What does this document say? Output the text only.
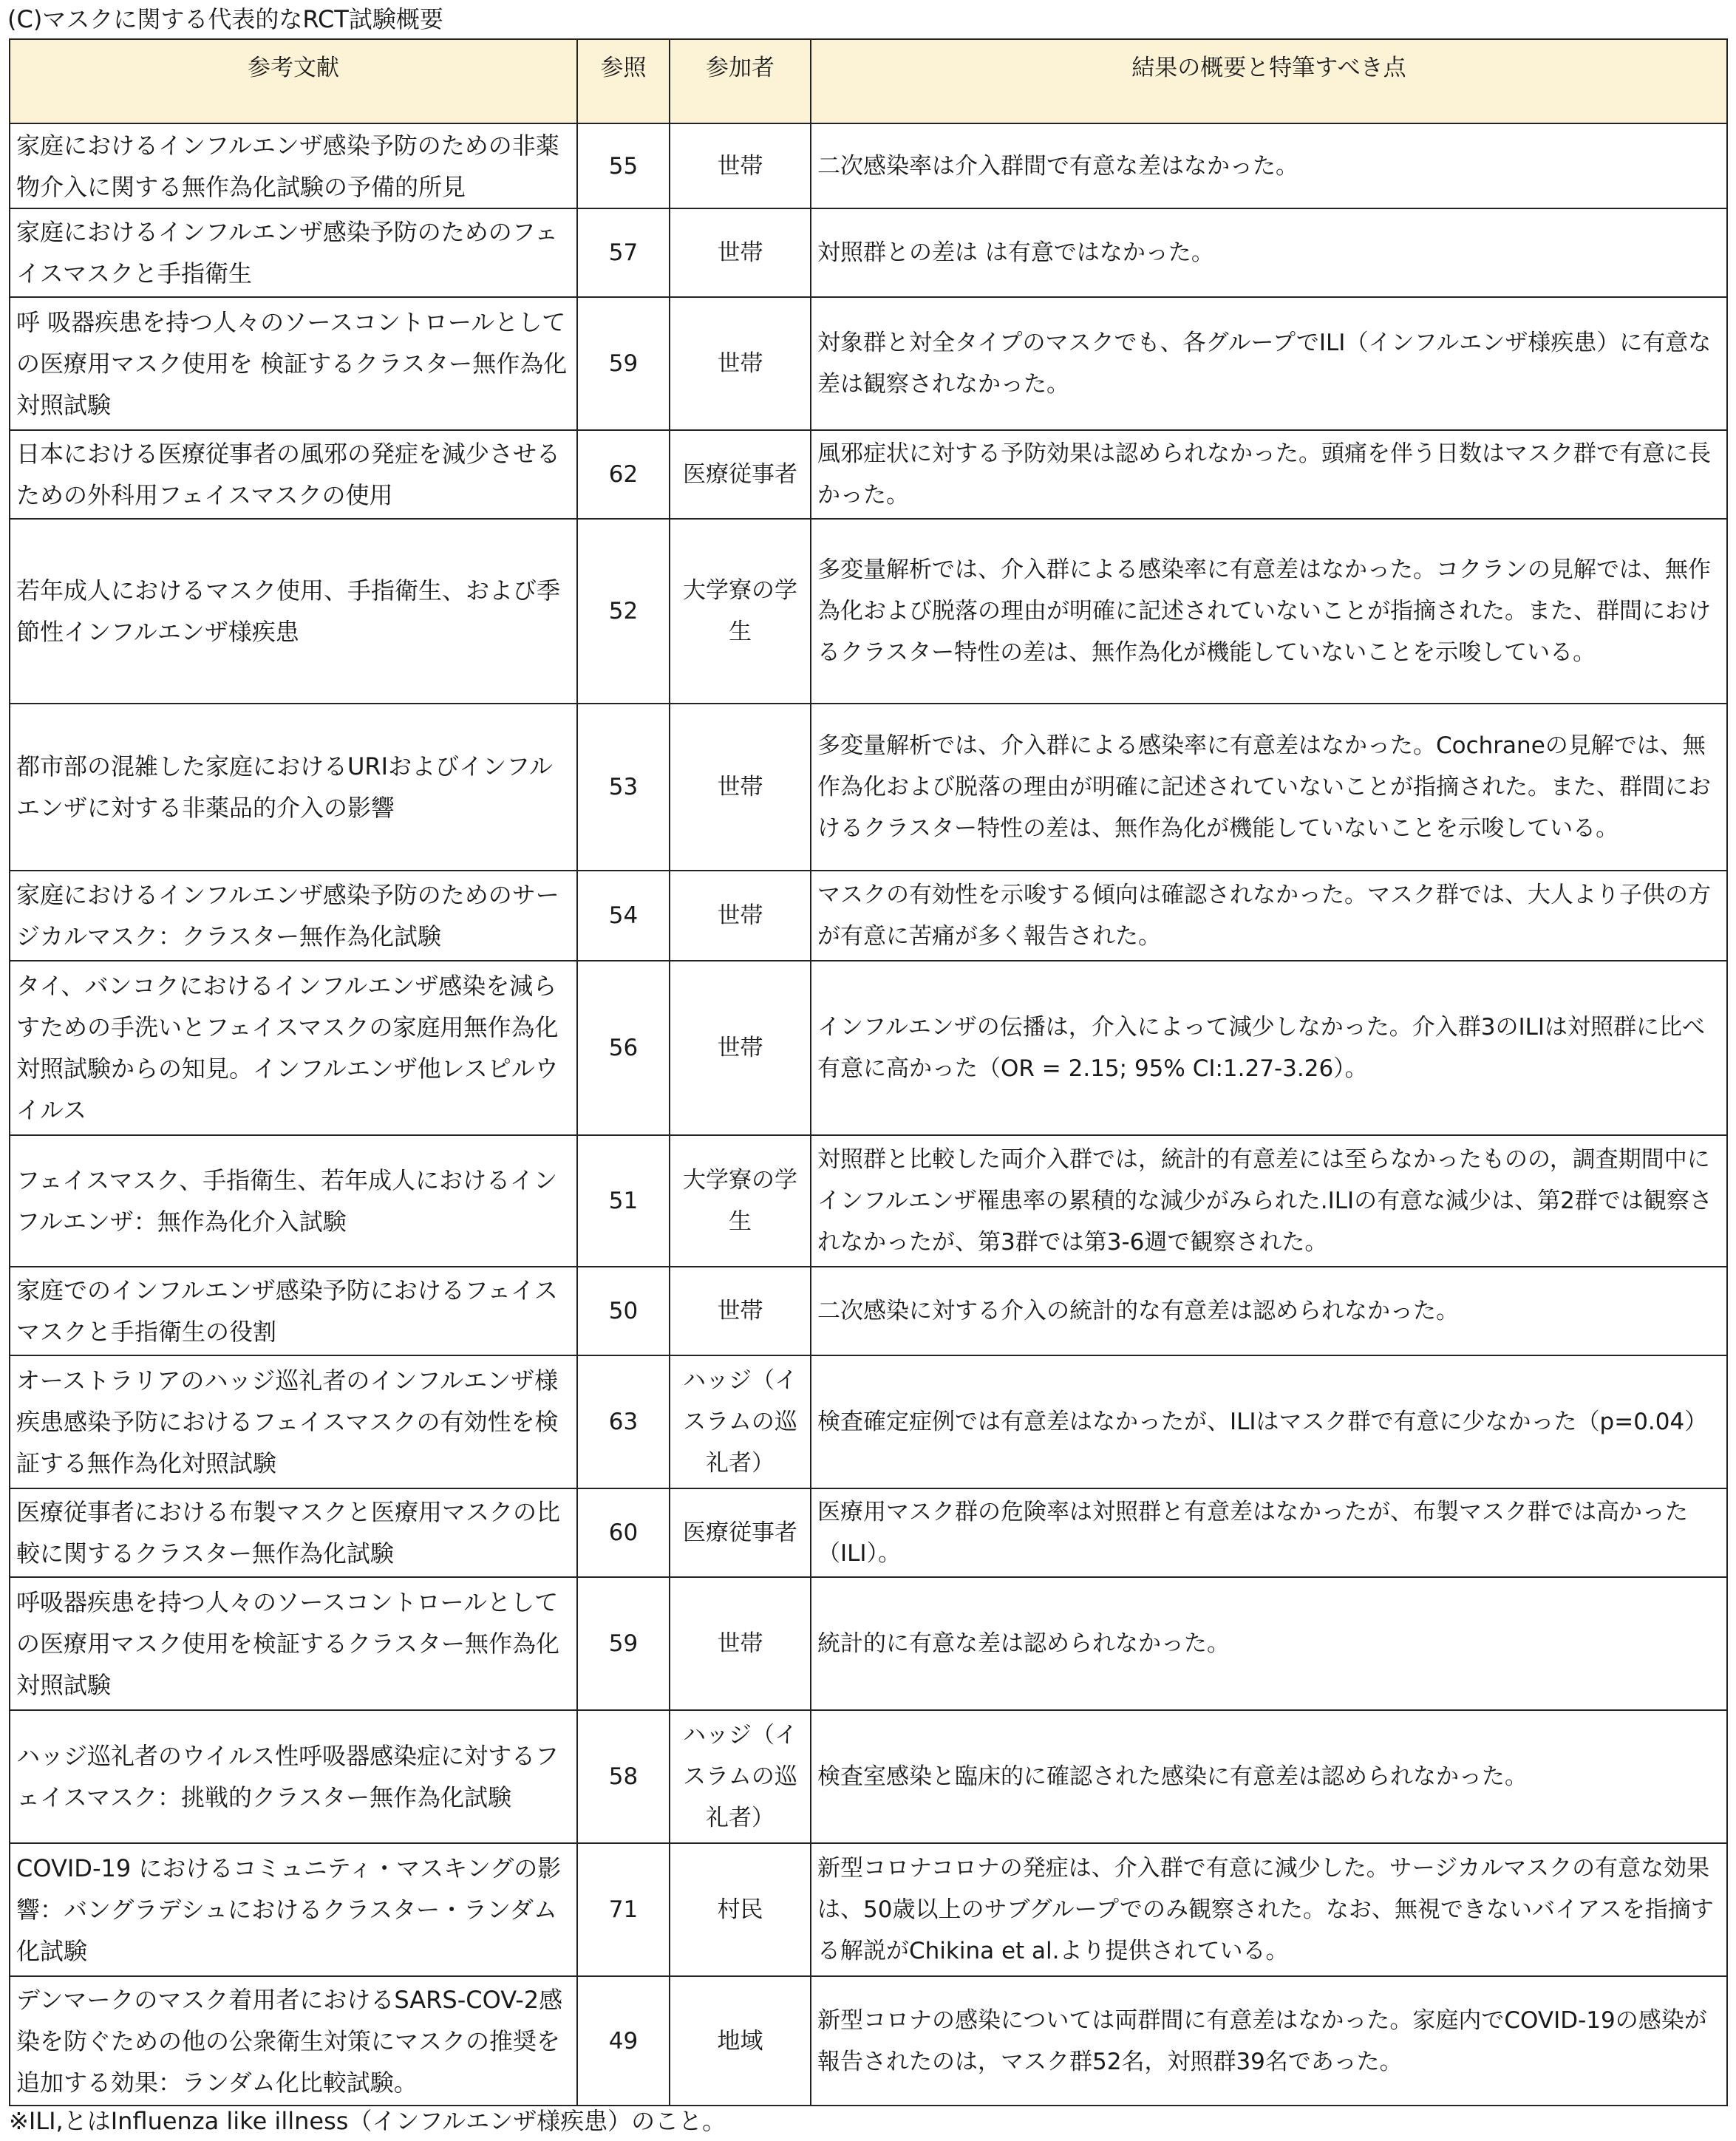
(C)マスクに関する代表的なRCT試験概要
参考文献	参照	参加者	結果の概要と特筆すべき点
家庭におけるインフルエンザ感染予防のための非薬物介入に関する無作為化試験の予備的所見	55	世帯	二次感染率は介入群間で有意な差はなかった。
家庭におけるインフルエンザ感染予防のためのフェイスマスクと手指衛生	57	世帯	対照群との差は は有意ではなかった。
呼 吸器疾患を持つ人々のソースコントロールとしての医療用マスク使用を 検証するクラスター無作為化対照試験	59	世帯	対象群と対全タイプのマスクでも、各グループでILI（インフルエンザ様疾患）に有意な差は観察されなかった。
日本における医療従事者の風邪の発症を減少させるための外科用フェイスマスクの使用	62	医療従事者	風邪症状に対する予防効果は認められなかった。頭痛を伴う日数はマスク群で有意に長かった。
若年成人におけるマスク使用、手指衛生、および季節性インフルエンザ様疾患	52	大学寮の学生	多変量解析では、介入群による感染率に有意差はなかった。コクランの見解では、無作為化および脱落の理由が明確に記述されていないことが指摘された。また、群間におけるクラスター特性の差は、無作為化が機能していないことを示唆している。
都市部の混雑した家庭におけるURIおよびインフルエンザに対する非薬品的介入の影響	53	世帯	多変量解析では、介入群による感染率に有意差はなかった。Cochraneの見解では、無作為化および脱落の理由が明確に記述されていないことが指摘された。また、群間におけるクラスター特性の差は、無作為化が機能していないことを示唆している。
家庭におけるインフルエンザ感染予防のためのサージカルマスク：クラスター無作為化試験	54	世帯	マスクの有効性を示唆する傾向は確認されなかった。マスク群では、大人より子供の方が有意に苦痛が多く報告された。
タイ、バンコクにおけるインフルエンザ感染を減らすための手洗いとフェイスマスクの家庭用無作為化対照試験からの知見。インフルエンザ他レスピルウイルス	56	世帯	インフルエンザの伝播は，介入によって減少しなかった。介入群3のILIは対照群に比べ有意に高かった（OR = 2.15; 95% CI:1.27-3.26）。
フェイスマスク、手指衛生、若年成人におけるインフルエンザ：無作為化介入試験	51	大学寮の学生	対照群と比較した両介入群では，統計的有意差には至らなかったものの，調査期間中にインフルエンザ罹患率の累積的な減少がみられた.ILIの有意な減少は、第2群では観察されなかったが、第3群では第3-6週で観察された。
家庭でのインフルエンザ感染予防におけるフェイスマスクと手指衛生の役割	50	世帯	二次感染に対する介入の統計的な有意差は認められなかった。
オーストラリアのハッジ巡礼者のインフルエンザ様疾患感染予防におけるフェイスマスクの有効性を検証する無作為化対照試験	63	ハッジ（イスラムの巡礼者）	検査確定症例では有意差はなかったが、ILIはマスク群で有意に少なかった（p=0.04）
医療従事者における布製マスクと医療用マスクの比較に関するクラスター無作為化試験	60	医療従事者	医療用マスク群の危険率は対照群と有意差はなかったが、布製マスク群では高かった（ILI）。
呼吸器疾患を持つ人々のソースコントロールとしての医療用マスク使用を検証するクラスター無作為化対照試験	59	世帯	統計的に有意な差は認められなかった。
ハッジ巡礼者のウイルス性呼吸器感染症に対するフェイスマスク：挑戦的クラスター無作為化試験	58	ハッジ（イスラムの巡礼者）	検査室感染と臨床的に確認された感染に有意差は認められなかった。
COVID-19 におけるコミュニティ・マスキングの影響：バングラデシュにおけるクラスター・ランダム化試験	71	村民	新型コロナコロナの発症は、介入群で有意に減少した。サージカルマスクの有意な効果は、50歳以上のサブグループでのみ観察された。なお、無視できないバイアスを指摘する解説がChikina et al.より提供されている。
デンマークのマスク着用者におけるSARS-COV-2感染を防ぐための他の公衆衛生対策にマスクの推奨を追加する効果：ランダム化比較試験。	49	地域	新型コロナの感染については両群間に有意差はなかった。家庭内でCOVID-19の感染が報告されたのは，マスク群52名，対照群39名であった。
※ILI,とはInfluenza like illness（インフルエンザ様疾患）のこと。
